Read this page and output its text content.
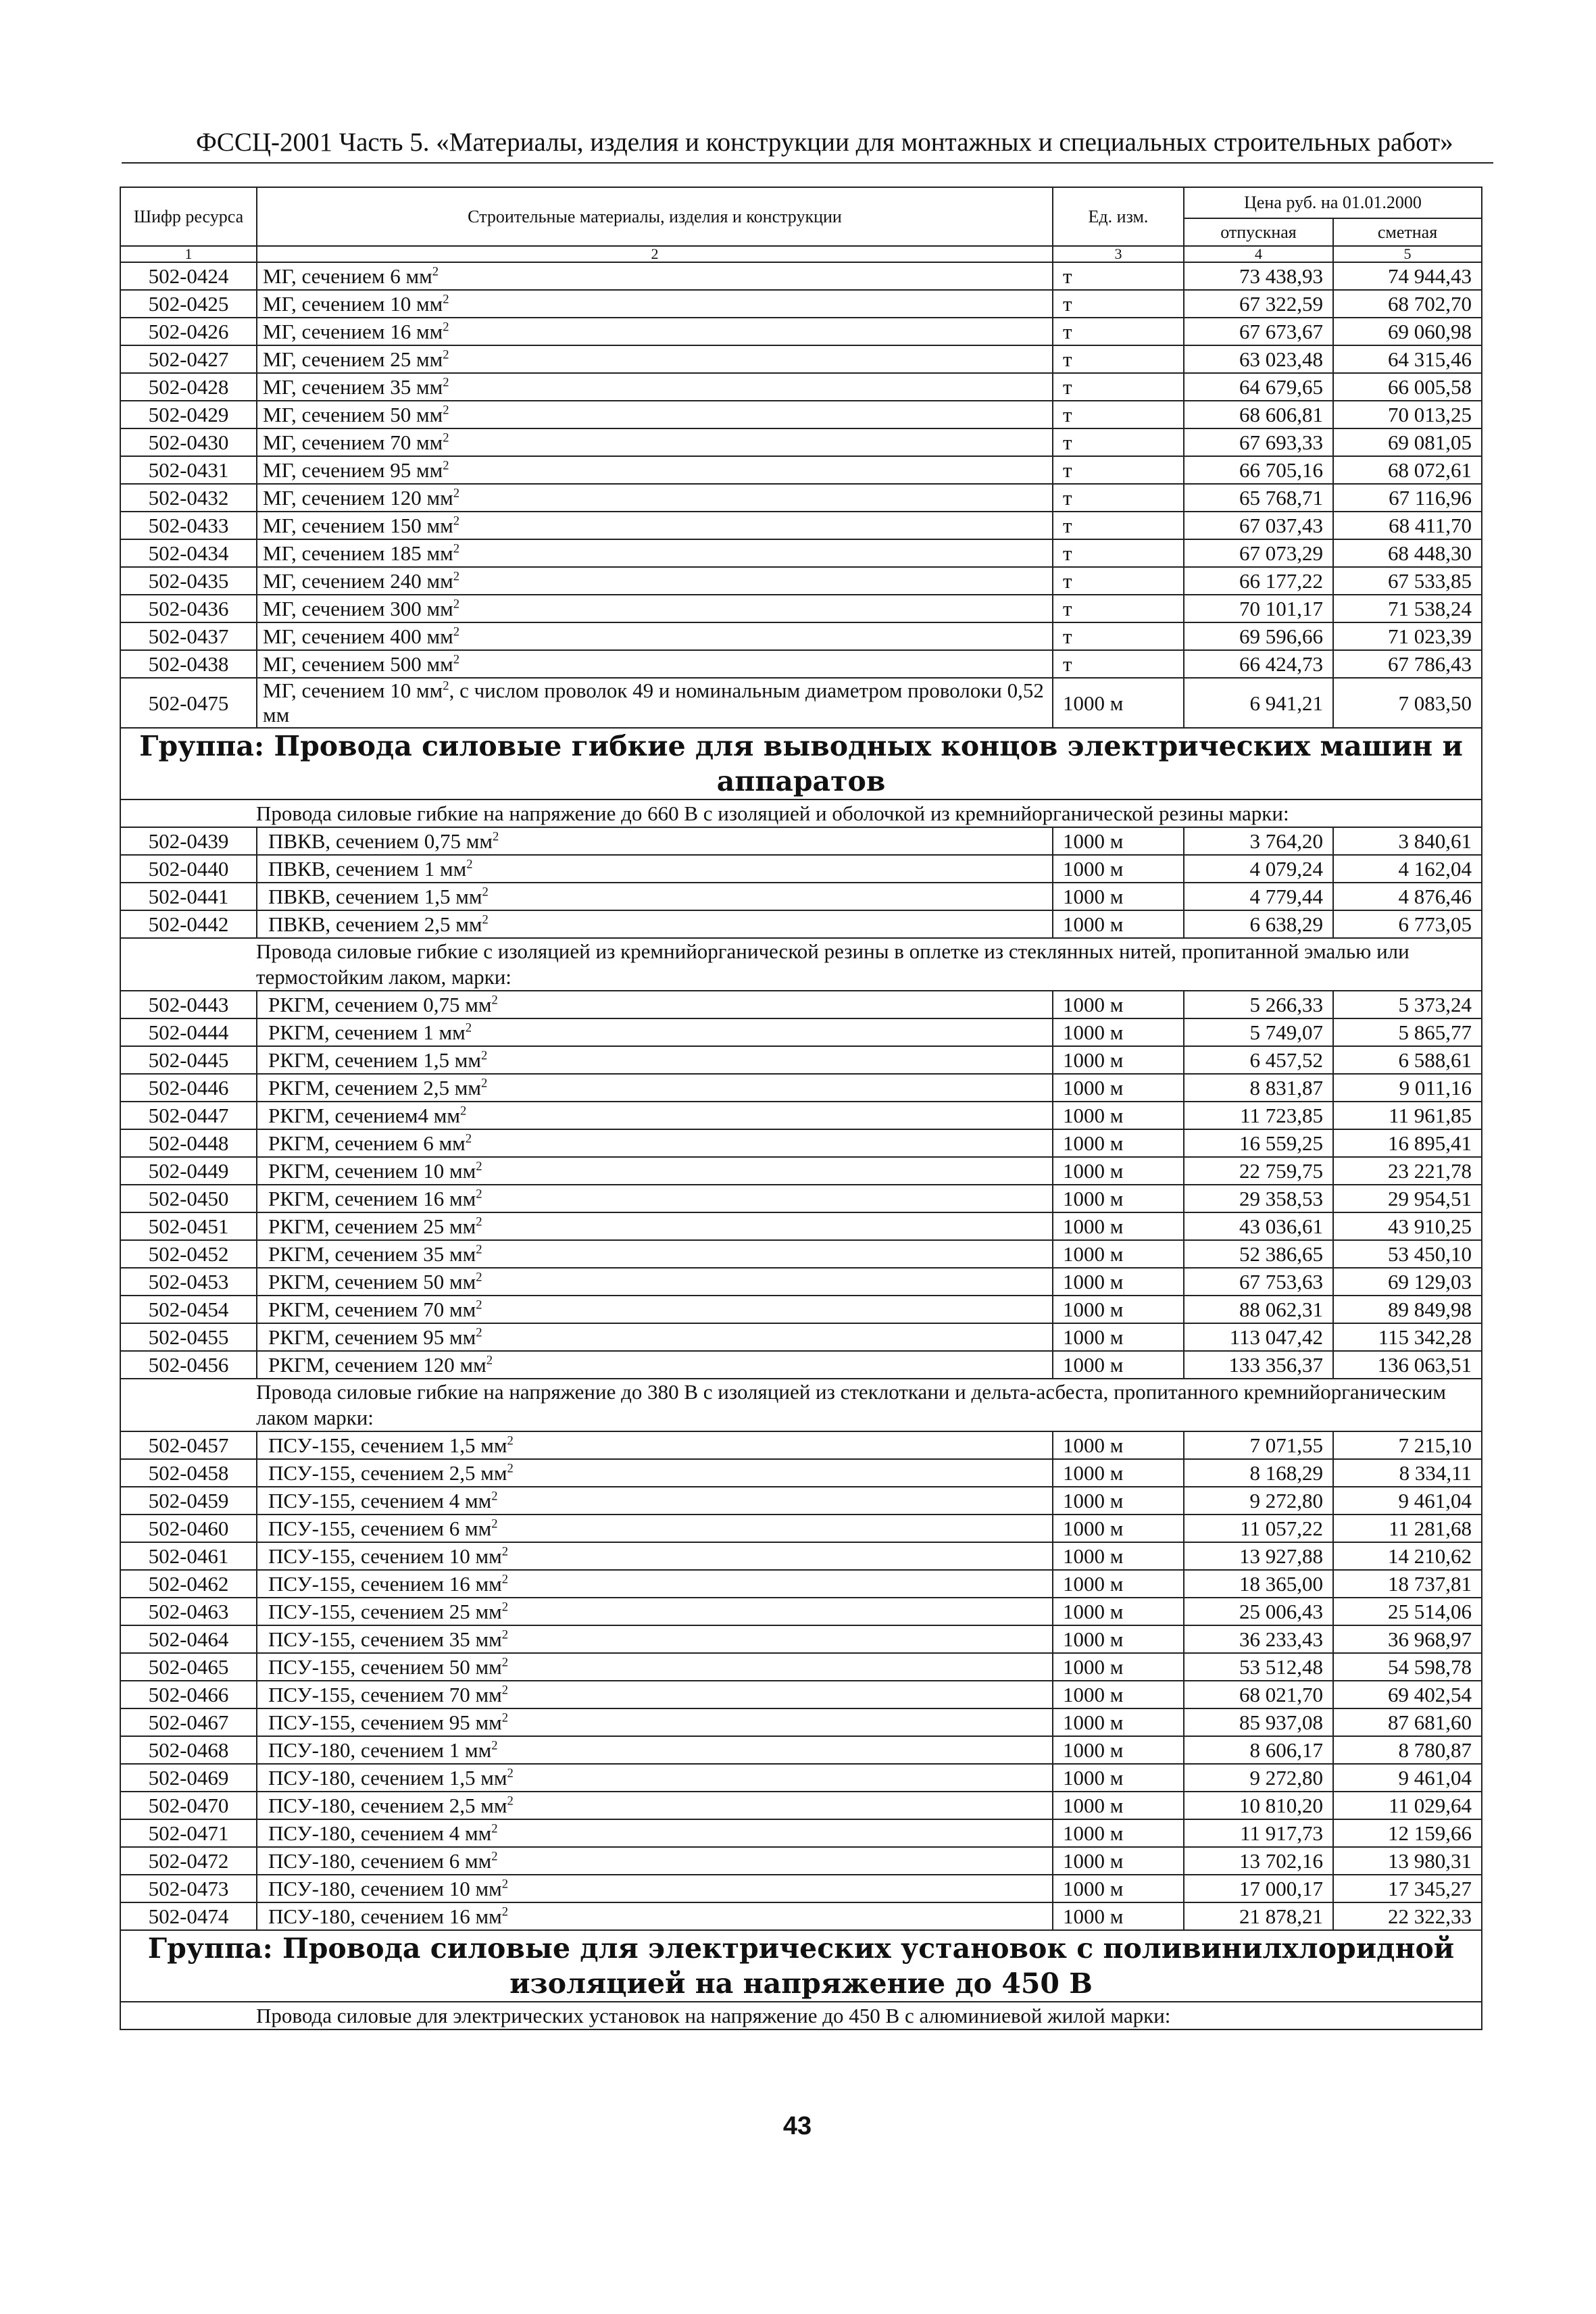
ФССЦ-2001 Часть 5. «Материалы, изделия и конструкции для монтажных и специальных строительных работ»
Шифр ресурса	Строительные материалы, изделия и конструкции	Ед. изм.	Цена руб. на 01.01.2000	
			отпускная	сметная
1	2	3	4	5
502-0424	МГ, сечением 6 $мм^2$	т	73 438,93	74 944,43
502-0425	МГ, сечением 10 $мм^2$	т	67 322,59	68 702,70
502-0426	МГ, сечением 16 $мм^2$	т	67 673,67	69 060,98
502-0427	МГ, сечением 25 $мм^2$	т	63 023,48	64 315,46
502-0428	МГ, сечением 35 $мм^2$	т	64 679,65	66 005,58
502-0429	МГ, сечением 50 $мм^2$	т	68 606,81	70 013,25
502-0430	МГ, сечением 70 $мм^2$	т	67 693,33	69 081,05
502-0431	МГ, сечением 95 $мм^2$	т	66 705,16	68 072,61
502-0432	МГ, сечением 120 $мм^2$	т	65 768,71	67 116,96
502-0433	МГ, сечением 150 $мм^2$	т	67 037,43	68 411,70
502-0434	МГ, сечением 185 $мм^2$	т	67 073,29	68 448,30
502-0435	МГ, сечением 240 $мм^2$	т	66 177,22	67 533,85
502-0436	МГ, сечением 300 $мм^2$	т	70 101,17	71 538,24
502-0437	МГ, сечением 400 $мм^2$	т	69 596,66	71 023,39
502-0438	МГ, сечением 500 $мм^2$	т	66 424,73	67 786,43
502-0475	МГ, сечением 10 $мм^2$, с числом проволок 49 и номинальным диаметром проволоки 0,52 мм	1000 м	6 941,21	7 083,50
Группа: Провода силовые гибкие для выводных концов электрических машин и аппаратов				
Провода силовые гибкие на напряжение до 660 В с изоляцией и оболочкой из кремнийорганической резины марки:				
502-0439	ПВКВ, сечением 0,75 $мм^2$	1000 м	3 764,20	3 840,61
502-0440	ПВКВ, сечением 1 $мм^2$	1000 м	4 079,24	4 162,04
502-0441	ПВКВ, сечением 1,5 $мм^2$	1000 м	4 779,44	4 876,46
502-0442	ПВКВ, сечением 2,5 $мм^2$	1000 м	6 638,29	6 773,05
Провода силовые гибкие с изоляцией из кремнийорганической резины в оплетке из стеклянных нитей, пропитанной эмалью или термостойким лаком, марки:				
502-0443	РКГМ, сечением 0,75 $мм^2$	1000 м	5 266,33	5 373,24
502-0444	РКГМ, сечением 1 $мм^2$	1000 м	5 749,07	5 865,77
502-0445	РКГМ, сечением 1,5 $мм^2$	1000 м	6 457,52	6 588,61
502-0446	РКГМ, сечением 2,5 $мм^2$	1000 м	8 831,87	9 011,16
502-0447	РКГМ, сечением4 $мм^2$	1000 м	11 723,85	11 961,85
502-0448	РКГМ, сечением 6 $мм^2$	1000 м	16 559,25	16 895,41
502-0449	РКГМ, сечением 10 $мм^2$	1000 м	22 759,75	23 221,78
502-0450	РКГМ, сечением 16 $мм^2$	1000 м	29 358,53	29 954,51
502-0451	РКГМ, сечением 25 $мм^2$	1000 м	43 036,61	43 910,25
502-0452	РКГМ, сечением 35 $мм^2$	1000 м	52 386,65	53 450,10
502-0453	РКГМ, сечением 50 $мм^2$	1000 м	67 753,63	69 129,03
502-0454	РКГМ, сечением 70 $мм^2$	1000 м	88 062,31	89 849,98
502-0455	РКГМ, сечением 95 $мм^2$	1000 м	113 047,42	115 342,28
502-0456	РКГМ, сечением 120 $мм^2$	1000 м	133 356,37	136 063,51
Провода силовые гибкие на напряжение до 380 В с изоляцией из стеклоткани и дельта-асбеста, пропитанного кремнийорганическим лаком марки:				
502-0457	ПСУ-155, сечением 1,5 $мм^2$	1000 м	7 071,55	7 215,10
502-0458	ПСУ-155, сечением 2,5 $мм^2$	1000 м	8 168,29	8 334,11
502-0459	ПСУ-155, сечением 4 $мм^2$	1000 м	9 272,80	9 461,04
502-0460	ПСУ-155, сечением 6 $мм^2$	1000 м	11 057,22	11 281,68
502-0461	ПСУ-155, сечением 10 $мм^2$	1000 м	13 927,88	14 210,62
502-0462	ПСУ-155, сечением 16 $мм^2$	1000 м	18 365,00	18 737,81
502-0463	ПСУ-155, сечением 25 $мм^2$	1000 м	25 006,43	25 514,06
502-0464	ПСУ-155, сечением 35 $мм^2$	1000 м	36 233,43	36 968,97
502-0465	ПСУ-155, сечением 50 $мм^2$	1000 м	53 512,48	54 598,78
502-0466	ПСУ-155, сечением 70 $мм^2$	1000 м	68 021,70	69 402,54
502-0467	ПСУ-155, сечением 95 $мм^2$	1000 м	85 937,08	87 681,60
502-0468	ПСУ-180, сечением 1 $мм^2$	1000 м	8 606,17	8 780,87
502-0469	ПСУ-180, сечением 1,5 $мм^2$	1000 м	9 272,80	9 461,04
502-0470	ПСУ-180, сечением 2,5 $мм^2$	1000 м	10 810,20	11 029,64
502-0471	ПСУ-180, сечением 4 $мм^2$	1000 м	11 917,73	12 159,66
502-0472	ПСУ-180, сечением 6 $мм^2$	1000 м	13 702,16	13 980,31
502-0473	ПСУ-180, сечением 10 $мм^2$	1000 м	17 000,17	17 345,27
502-0474	ПСУ-180, сечением 16 $мм^2$	1000 м	21 878,21	22 322,33
Группа: Провода силовые для электрических установок с поливинилхлоридной изоляцией на напряжение до 450 В				
Провода силовые для электрических установок на напряжение до 450 В с алюминиевой жилой марки:				
43
